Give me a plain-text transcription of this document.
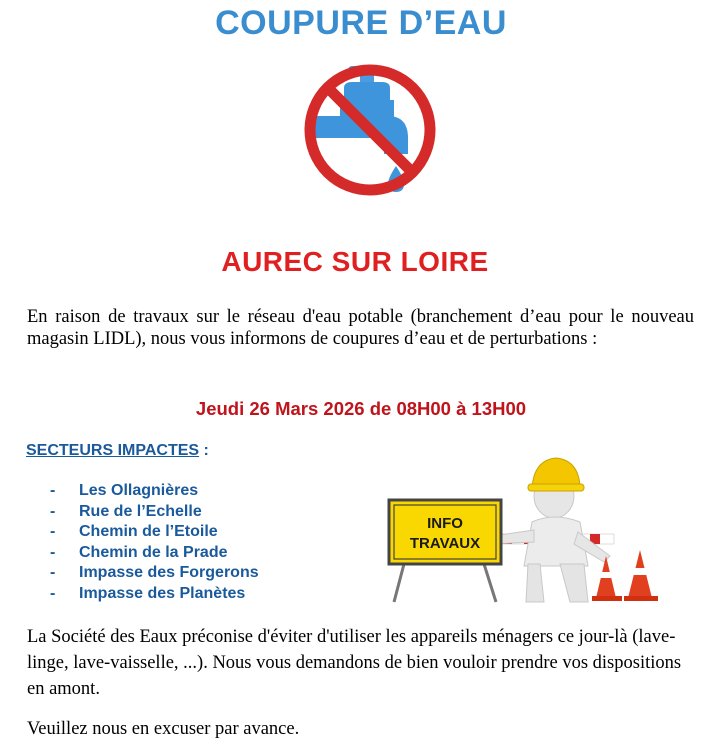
COUPURE D’EAU
AUREC SUR LOIRE
En raison de travaux sur le réseau d'eau potable (branchement d’eau pour le nouveau magasin LIDL), nous vous informons de coupures d’eau et de perturbations :
Jeudi 26 Mars 2026 de 08H00 à 13H00
SECTEURS IMPACTES :
- Les Ollagnières
- Rue de l’Echelle
- Chemin de l’Etoile
- Chemin de la Prade
- Impasse des Forgerons
- Impasse des Planètes
INFO
TRAVAUX
La Société des Eaux préconise d'éviter d'utiliser les appareils ménagers ce jour-là (lave-linge, lave-vaisselle, ...). Nous vous demandons de bien vouloir prendre vos dispositions en amont.
Veuillez nous en excuser par avance.
